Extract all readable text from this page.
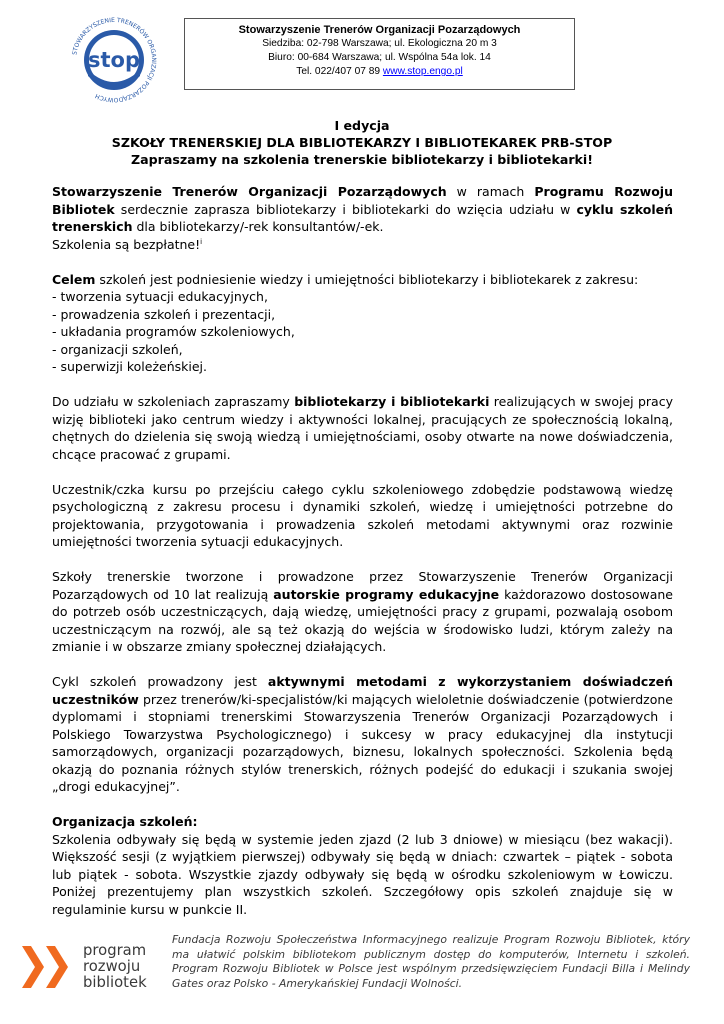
STOWARZYSZENIE TRENERÓW ORGANIZACJI POZARZĄDOWYCH
stop
Stowarzyszenie Trenerów Organizacji Pozarządowych
Siedziba: 02-798 Warszawa; ul. Ekologiczna 20 m 3
Biuro: 00-684 Warszawa; ul. Wspólna 54a lok. 14
Tel. 022/407 07 89 www.stop.engo.pl
I edycja
SZKOŁY TRENERSKIEJ DLA BIBLIOTEKARZY I BIBLIOTEKAREK PRB-STOP
Zapraszamy na szkolenia trenerskie bibliotekarzy i bibliotekarki!

Stowarzyszenie Trenerów Organizacji Pozarządowych w ramach Programu Rozwoju Bibliotek serdecznie zaprasza bibliotekarzy i bibliotekarki do wzięcia udziału w cyklu szkoleń trenerskich dla bibliotekarzy/-rek konsultantów/-ek.

Szkolenia są bezpłatne!$^i$

Celem szkoleń jest podniesienie wiedzy i umiejętności bibliotekarzy i bibliotekarek z zakresu:

- tworzenia sytuacji edukacyjnych,
- prowadzenia szkoleń i prezentacji,
- układania programów szkoleniowych,
- organizacji szkoleń,
- superwizji koleżeńskiej.

Do udziału w szkoleniach zapraszamy bibliotekarzy i bibliotekarki realizujących w swojej pracy wizję biblioteki jako centrum wiedzy i aktywności lokalnej, pracujących ze społecznością lokalną, chętnych do dzielenia się swoją wiedzą i umiejętnościami, osoby otwarte na nowe doświadczenia, chcące pracować z grupami.

Uczestnik/czka kursu po przejściu całego cyklu szkoleniowego zdobędzie podstawową wiedzę psychologiczną z zakresu procesu i dynamiki szkoleń, wiedzę i umiejętności potrzebne do projektowania, przygotowania i prowadzenia szkoleń metodami aktywnymi oraz rozwinie umiejętności tworzenia sytuacji edukacyjnych.

Szkoły trenerskie tworzone i prowadzone przez Stowarzyszenie Trenerów Organizacji Pozarządowych od 10 lat realizują autorskie programy edukacyjne każdorazowo dostosowane do potrzeb osób uczestniczących, dają wiedzę, umiejętności pracy z grupami, pozwalają osobom uczestniczącym na rozwój, ale są też okazją do wejścia w środowisko ludzi, którym zależy na zmianie i w obszarze zmiany społecznej działających.

Cykl szkoleń prowadzony jest aktywnymi metodami z wykorzystaniem doświadczeń uczestników przez trenerów/ki-specjalistów/ki mających wieloletnie doświadczenie (potwierdzone dyplomami i stopniami trenerskimi Stowarzyszenia Trenerów Organizacji Pozarządowych i Polskiego Towarzystwa Psychologicznego) i sukcesy w pracy edukacyjnej dla instytucji samorządowych, organizacji pozarządowych, biznesu, lokalnych społeczności. Szkolenia będą okazją do poznania różnych stylów trenerskich, różnych podejść do edukacji i szukania swojej „drogi edukacyjnej”.

Organizacja szkoleń:

Szkolenia odbywały się będą w systemie jeden zjazd (2 lub 3 dniowe) w miesiącu (bez wakacji). Większość sesji (z wyjątkiem pierwszej) odbywały się będą w dniach: czwartek – piątek - sobota lub piątek - sobota. Wszystkie zjazdy odbywały się będą w ośrodku szkoleniowym w Łowiczu. Poniżej prezentujemy plan wszystkich szkoleń. Szczegółowy opis szkoleń znajduje się w regulaminie kursu w punkcie II.

program
rozwoju
bibliotek

Fundacja Rozwoju Społeczeństwa Informacyjnego realizuje Program Rozwoju Bibliotek, który ma ułatwić polskim bibliotekom publicznym dostęp do komputerów, Internetu i szkoleń. Program Rozwoju Bibliotek w Polsce jest wspólnym przedsięwzięciem Fundacji Billa i Melindy Gates oraz Polsko - Amerykańskiej Fundacji Wolności.
